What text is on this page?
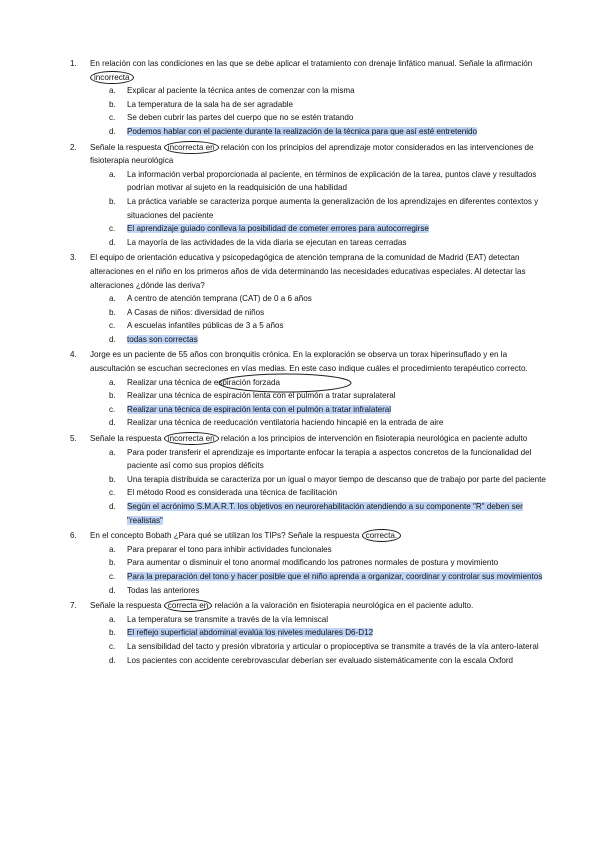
1.	En relación con las condiciones en las que se debe aplicar el tratamiento con drenaje linfático manual. Señale la afirmación incorrecta
a.	Explicar al paciente la técnica antes de comenzar con la misma
b.	La temperatura de la sala ha de ser agradable
c.	Se deben cubrir las partes del cuerpo que no se estén tratando
d.	Podemos hablar con el paciente durante la realización de la técnica para que así esté entretenido
2.	Señale la respuesta incorrecta en relación con los principios del aprendizaje motor considerados en las intervenciones de fisioterapia neurológica
a.	La información verbal proporcionada al paciente, en términos de explicación de la tarea, puntos clave y resultados podrían motivar al sujeto en la readquisición de una habilidad
b.	La práctica variable se caracteriza porque aumenta la generalización de los aprendizajes en diferentes contextos y situaciones del paciente
c.	El aprendizaje guiado conlleva la posibilidad de cometer errores para autocorregirse
d.	La mayoría de las actividades de la vida diaria se ejecutan en tareas cerradas
3.	El equipo de orientación educativa y psicopedagógica de atención temprana de la comunidad de Madrid (EAT) detectan alteraciones en el niño en los primeros años de vida determinando las necesidades educativas especiales. Al detectar las alteraciones ¿dónde las deriva?
a.	A centro de atención temprana (CAT) de 0 a 6 años
b.	A Casas de niños: diversidad de niños
c.	A escuelas infantiles públicas de 3 a 5 años
d.	todas son correctas
4.	Jorge es un paciente de 55 años con bronquitis crónica. En la exploración se observa un torax hiperinsuflado y en la auscultación se escuchan secreciones en vías medias. En este caso indique cuáles el procedimiento terapéutico correcto.
a.	Realizar una técnica de espiración forzada
b.	Realizar una técnica de espiración lenta con el pulmón a tratar supralateral
c.	Realizar una técnica de espiración lenta con el pulmón a tratar infralateral
d.	Realizar una técnica de reeducación ventilatoria haciendo hincapié en la entrada de aire
5.	Señale la respuesta incorrecta en relación a los principios de intervención en fisioterapia neurológica en paciente adulto
a.	Para poder transferir el aprendizaje es importante enfocar la terapia a aspectos concretos de la funcionalidad del paciente así como sus propios déficits
b.	Una terapia distribuida se caracteriza por un igual o mayor tiempo de descanso que de trabajo por parte del paciente
c.	El método Rood es considerada una técnica de facilitación
d.	Según el acrónimo S.M.A.R.T. los objetivos en neurorehabilitación atendiendo a su componente "R" deben ser "realistas"
6.	En el concepto Bobath ¿Para qué se utilizan los TIPs? Señale la respuesta correcta.
a.	Para preparar el tono para inhibir actividades funcionales
b.	Para aumentar o disminuir el tono anormal modificando los patrones normales de postura y movimiento
c.	Para la preparación del tono y hacer posible que el niño aprenda a organizar, coordinar y controlar sus movimientos
d.	Todas las anteriores
7.	Señale la respuesta correcta en relación a la valoración en fisioterapia neurológica en el paciente adulto.
a.	La temperatura se transmite a través de la vía lemniscal
b.	El reflejo superficial abdominal evalúa los niveles medulares D6-D12
c.	La sensibilidad del tacto y presión vibratoria y articular o propioceptiva se transmite a través de la vía antero-lateral
d.	Los pacientes con accidente cerebrovascular deberían ser evaluado sistemáticamente con la escala Oxford
